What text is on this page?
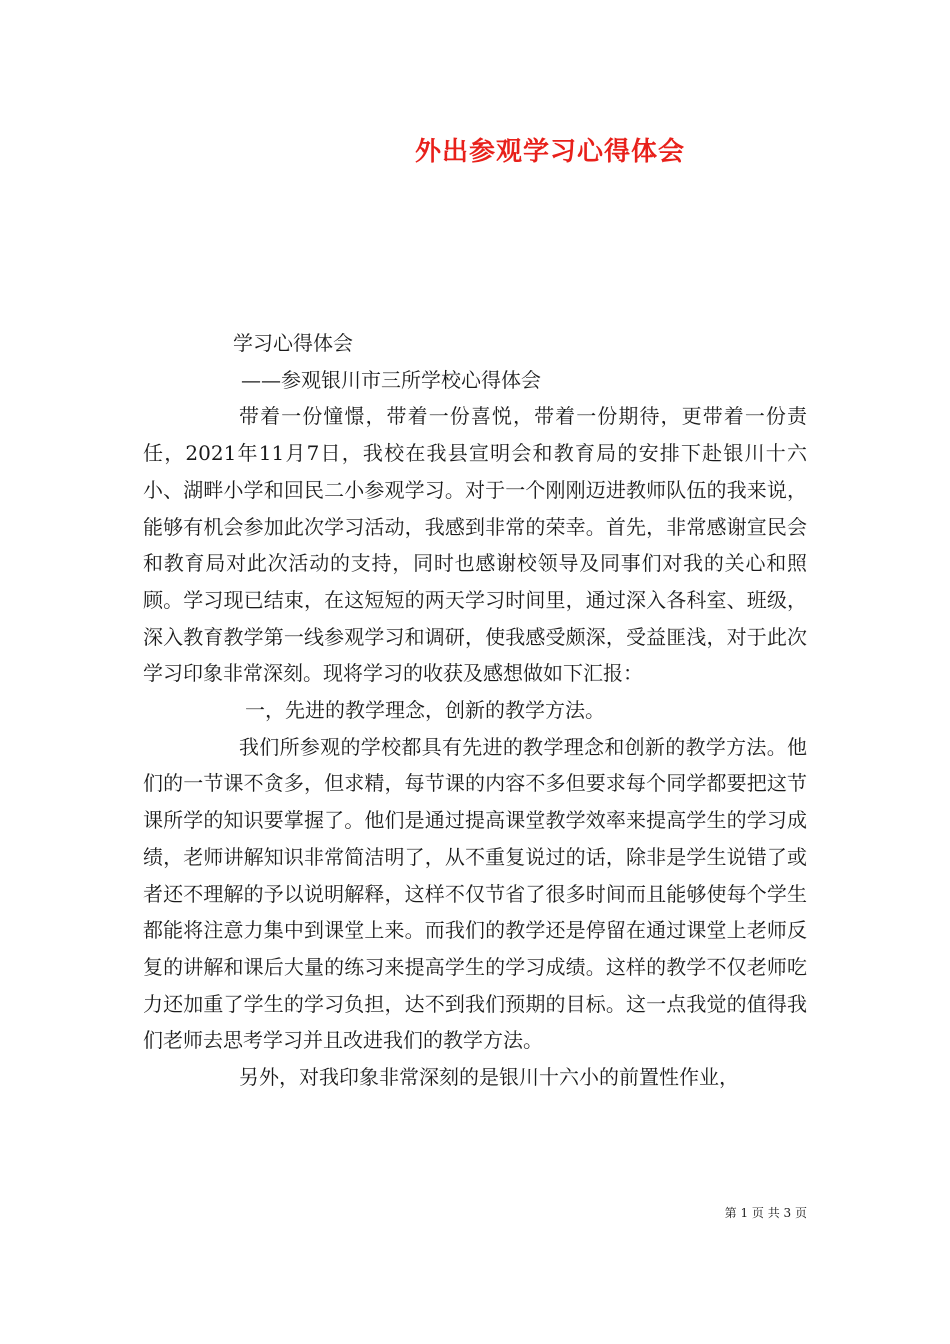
外出参观学习心得体会

学习心得体会

——参观银川市三所学校心得体会

带着一份憧憬，带着一份喜悦，带着一份期待，更带着一份责任，2021年11月7日，我校在我县宣明会和教育局的安排下赴银川十六小、湖畔小学和回民二小参观学习。对于一个刚刚迈进教师队伍的我来说，能够有机会参加此次学习活动，我感到非常的荣幸。首先，非常感谢宣民会和教育局对此次活动的支持，同时也感谢校领导及同事们对我的关心和照顾。学习现已结束，在这短短的两天学习时间里，通过深入各科室、班级，深入教育教学第一线参观学习和调研，使我感受颇深，受益匪浅，对于此次学习印象非常深刻。现将学习的收获及感想做如下汇报：

一，先进的教学理念，创新的教学方法。

我们所参观的学校都具有先进的教学理念和创新的教学方法。他们的一节课不贪多，但求精，每节课的内容不多但要求每个同学都要把这节课所学的知识要掌握了。他们是通过提高课堂教学效率来提高学生的学习成绩，老师讲解知识非常简洁明了，从不重复说过的话，除非是学生说错了或者还不理解的予以说明解释，这样不仅节省了很多时间而且能够使每个学生都能将注意力集中到课堂上来。而我们的教学还是停留在通过课堂上老师反复的讲解和课后大量的练习来提高学生的学习成绩。这样的教学不仅老师吃力还加重了学生的学习负担，达不到我们预期的目标。这一点我觉的值得我们老师去思考学习并且改进我们的教学方法。

另外，对我印象非常深刻的是银川十六小的前置性作业，

第 1 页 共 3 页
